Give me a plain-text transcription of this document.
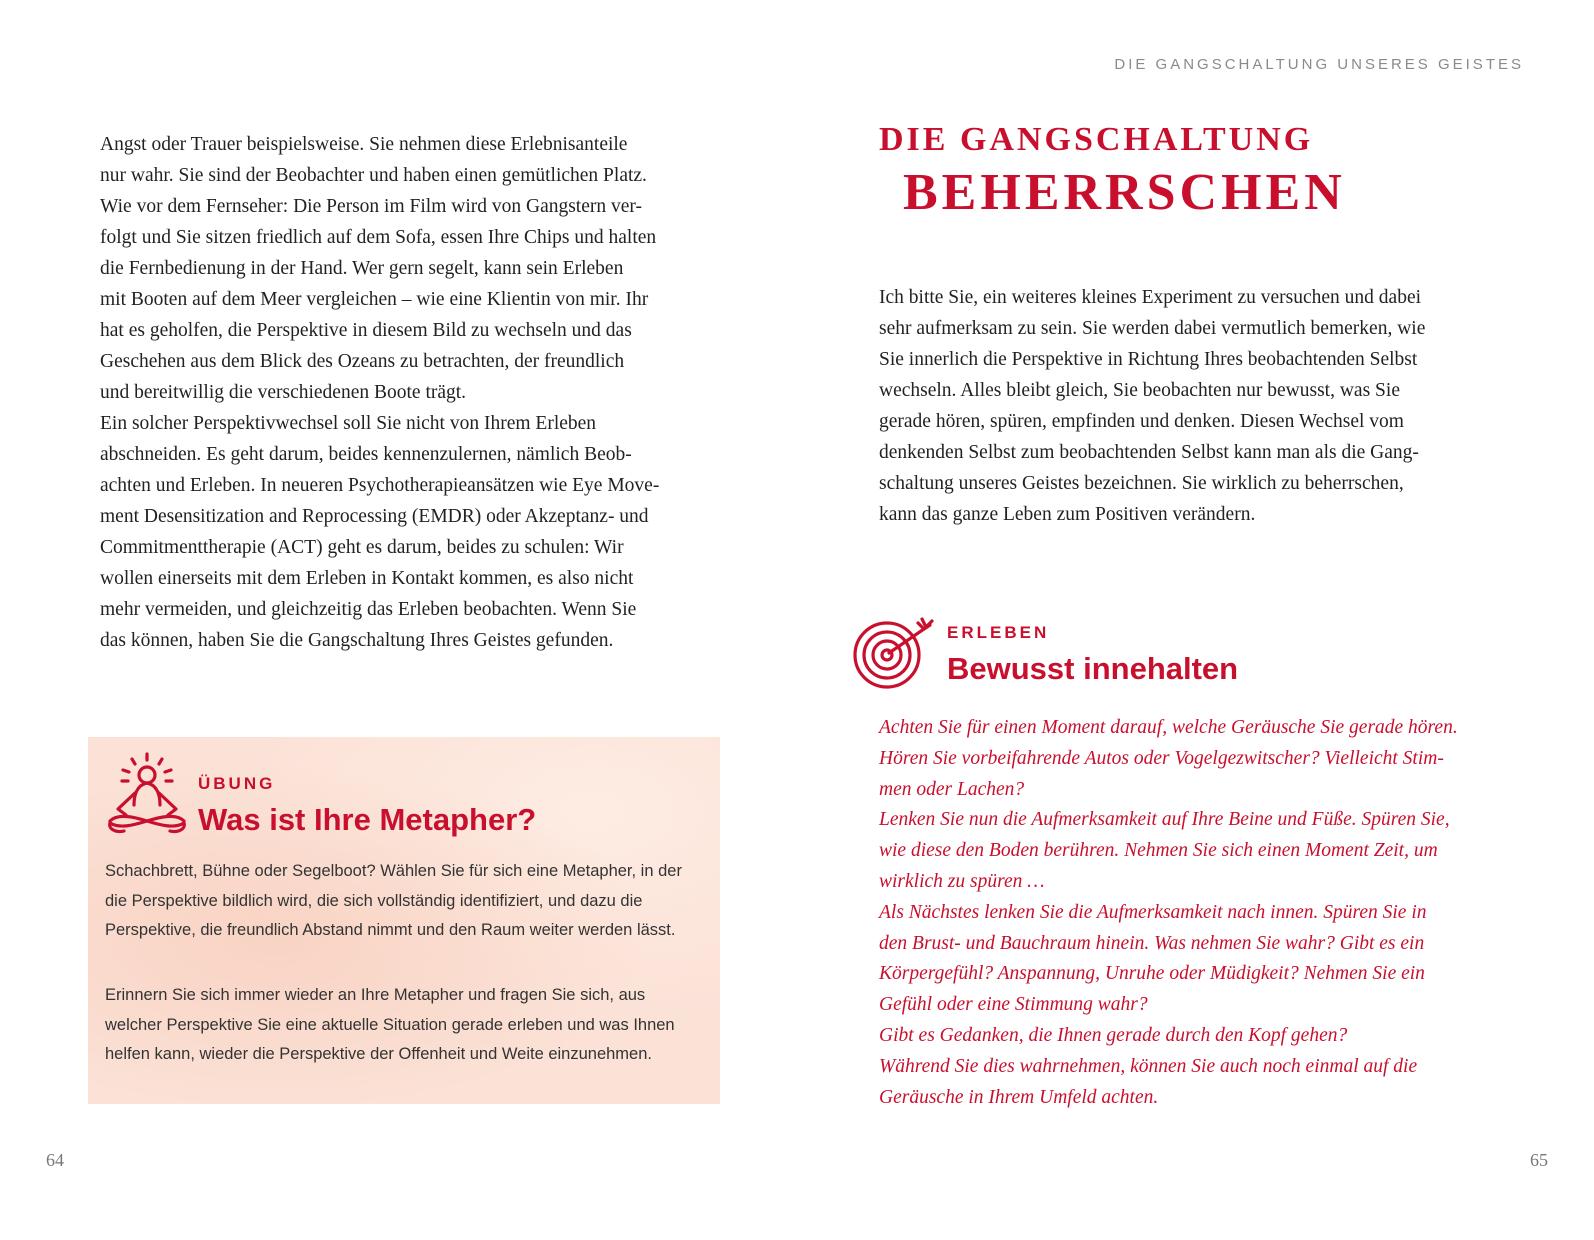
Angst oder Trauer beispielsweise. Sie nehmen diese Erlebnisanteile
nur wahr. Sie sind der Beobachter und haben einen gemütlichen Platz.
Wie vor dem Fernseher: Die Person im Film wird von Gangstern ver-
folgt und Sie sitzen friedlich auf dem Sofa, essen Ihre Chips und halten
die Fernbedienung in der Hand. Wer gern segelt, kann sein Erleben
mit Booten auf dem Meer vergleichen – wie eine Klientin von mir. Ihr
hat es geholfen, die Perspektive in diesem Bild zu wechseln und das
Geschehen aus dem Blick des Ozeans zu betrachten, der freundlich
und bereitwillig die verschiedenen Boote trägt.
Ein solcher Perspektivwechsel soll Sie nicht von Ihrem Erleben
abschneiden. Es geht darum, beides kennenzulernen, nämlich Beob-
achten und Erleben. In neueren Psychotherapieansätzen wie Eye Move-
ment Desensitization and Reprocessing (EMDR) oder Akzeptanz- und
Commitmenttherapie (ACT) geht es darum, beides zu schulen: Wir
wollen einerseits mit dem Erleben in Kontakt kommen, es also nicht
mehr vermeiden, und gleichzeitig das Erleben beobachten. Wenn Sie
das können, haben Sie die Gangschaltung Ihres Geistes gefunden.

ÜBUNG
Was ist Ihre Metapher?

Schachbrett, Bühne oder Segelboot? Wählen Sie für sich eine Metapher, in der die Perspektive bildlich wird, die sich vollständig identifiziert, und dazu die Perspektive, die freundlich Abstand nimmt und den Raum weiter werden lässt.

Erinnern Sie sich immer wieder an Ihre Metapher und fragen Sie sich, aus welcher Perspektive Sie eine aktuelle Situation gerade erleben und was Ihnen helfen kann, wieder die Perspektive der Offenheit und Weite einzunehmen.

64
DIE GANGSCHALTUNG UNSERES GEISTES
DIE GANGSCHALTUNG
BEHERRSCHEN

Ich bitte Sie, ein weiteres kleines Experiment zu versuchen und dabei
sehr aufmerksam zu sein. Sie werden dabei vermutlich bemerken, wie
Sie innerlich die Perspektive in Richtung Ihres beobachtenden Selbst
wechseln. Alles bleibt gleich, Sie beobachten nur bewusst, was Sie
gerade hören, spüren, empfinden und denken. Diesen Wechsel vom
denkenden Selbst zum beobachtenden Selbst kann man als die Gang-
schaltung unseres Geistes bezeichnen. Sie wirklich zu beherrschen,
kann das ganze Leben zum Positiven verändern.

ERLEBEN
Bewusst innehalten

Achten Sie für einen Moment darauf, welche Geräusche Sie gerade hören.
Hören Sie vorbeifahrende Autos oder Vogelgezwitscher? Vielleicht Stim-
men oder Lachen?
Lenken Sie nun die Aufmerksamkeit auf Ihre Beine und Füße. Spüren Sie,
wie diese den Boden berühren. Nehmen Sie sich einen Moment Zeit, um
wirklich zu spüren …
Als Nächstes lenken Sie die Aufmerksamkeit nach innen. Spüren Sie in
den Brust- und Bauchraum hinein. Was nehmen Sie wahr? Gibt es ein
Körpergefühl? Anspannung, Unruhe oder Müdigkeit? Nehmen Sie ein
Gefühl oder eine Stimmung wahr?
Gibt es Gedanken, die Ihnen gerade durch den Kopf gehen?
Während Sie dies wahrnehmen, können Sie auch noch einmal auf die
Geräusche in Ihrem Umfeld achten.

65
